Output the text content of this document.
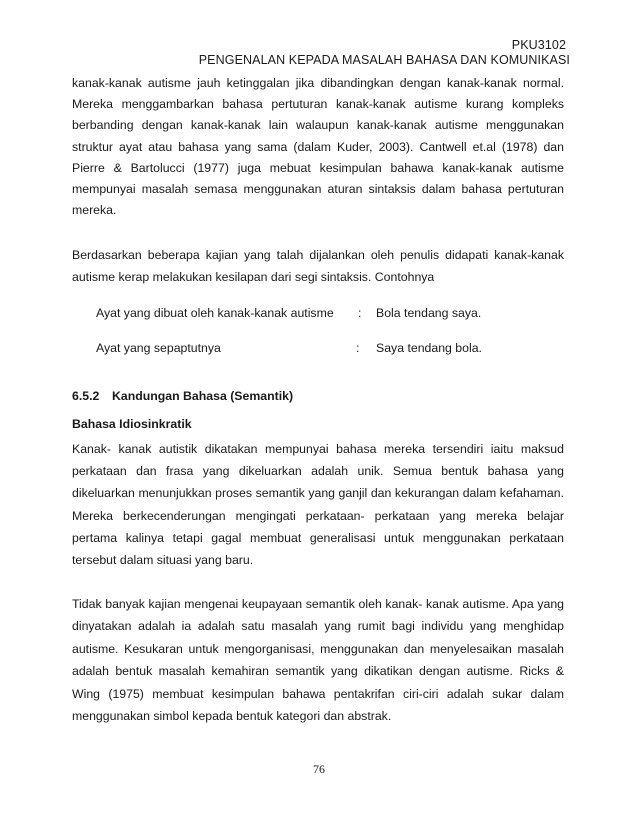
PKU3102
PENGENALAN KEPADA MASALAH BAHASA DAN KOMUNIKASI
kanak-kanak autisme jauh ketinggalan jika dibandingkan dengan kanak-kanak normal. Mereka menggambarkan bahasa pertuturan kanak-kanak autisme kurang kompleks berbanding dengan kanak-kanak lain walaupun kanak-kanak autisme menggunakan struktur ayat atau bahasa yang sama (dalam Kuder, 2003). Cantwell et.al (1978) dan Pierre & Bartolucci (1977) juga mebuat kesimpulan bahawa kanak-kanak autisme mempunyai masalah semasa menggunakan aturan sintaksis dalam bahasa pertuturan mereka.
Berdasarkan beberapa kajian yang talah dijalankan oleh penulis didapati kanak-kanak autisme kerap melakukan kesilapan dari segi sintaksis. Contohnya
Ayat yang dibuat oleh kanak-kanak autisme : Bola tendang saya.
Ayat yang sepaptutnya	: Saya tendang bola.
6.5.2 Kandungan Bahasa (Semantik)
Bahasa Idiosinkratik
Kanak- kanak autistik dikatakan mempunyai bahasa mereka tersendiri iaitu maksud perkataan dan frasa yang dikeluarkan adalah unik. Semua bentuk bahasa yang dikeluarkan menunjukkan proses semantik yang ganjil dan kekurangan dalam kefahaman. Mereka berkecenderungan mengingati perkataan- perkataan yang mereka belajar pertama kalinya tetapi gagal membuat generalisasi untuk menggunakan perkataan tersebut dalam situasi yang baru.
Tidak banyak kajian mengenai keupayaan semantik oleh kanak- kanak autisme. Apa yang dinyatakan adalah ia adalah satu masalah yang rumit bagi individu yang menghidap autisme. Kesukaran untuk mengorganisasi, menggunakan dan menyelesaikan masalah adalah bentuk masalah kemahiran semantik yang dikatikan dengan autisme. Ricks & Wing (1975) membuat kesimpulan bahawa pentakrifan ciri-ciri adalah sukar dalam menggunakan simbol kepada bentuk kategori dan abstrak.
76
